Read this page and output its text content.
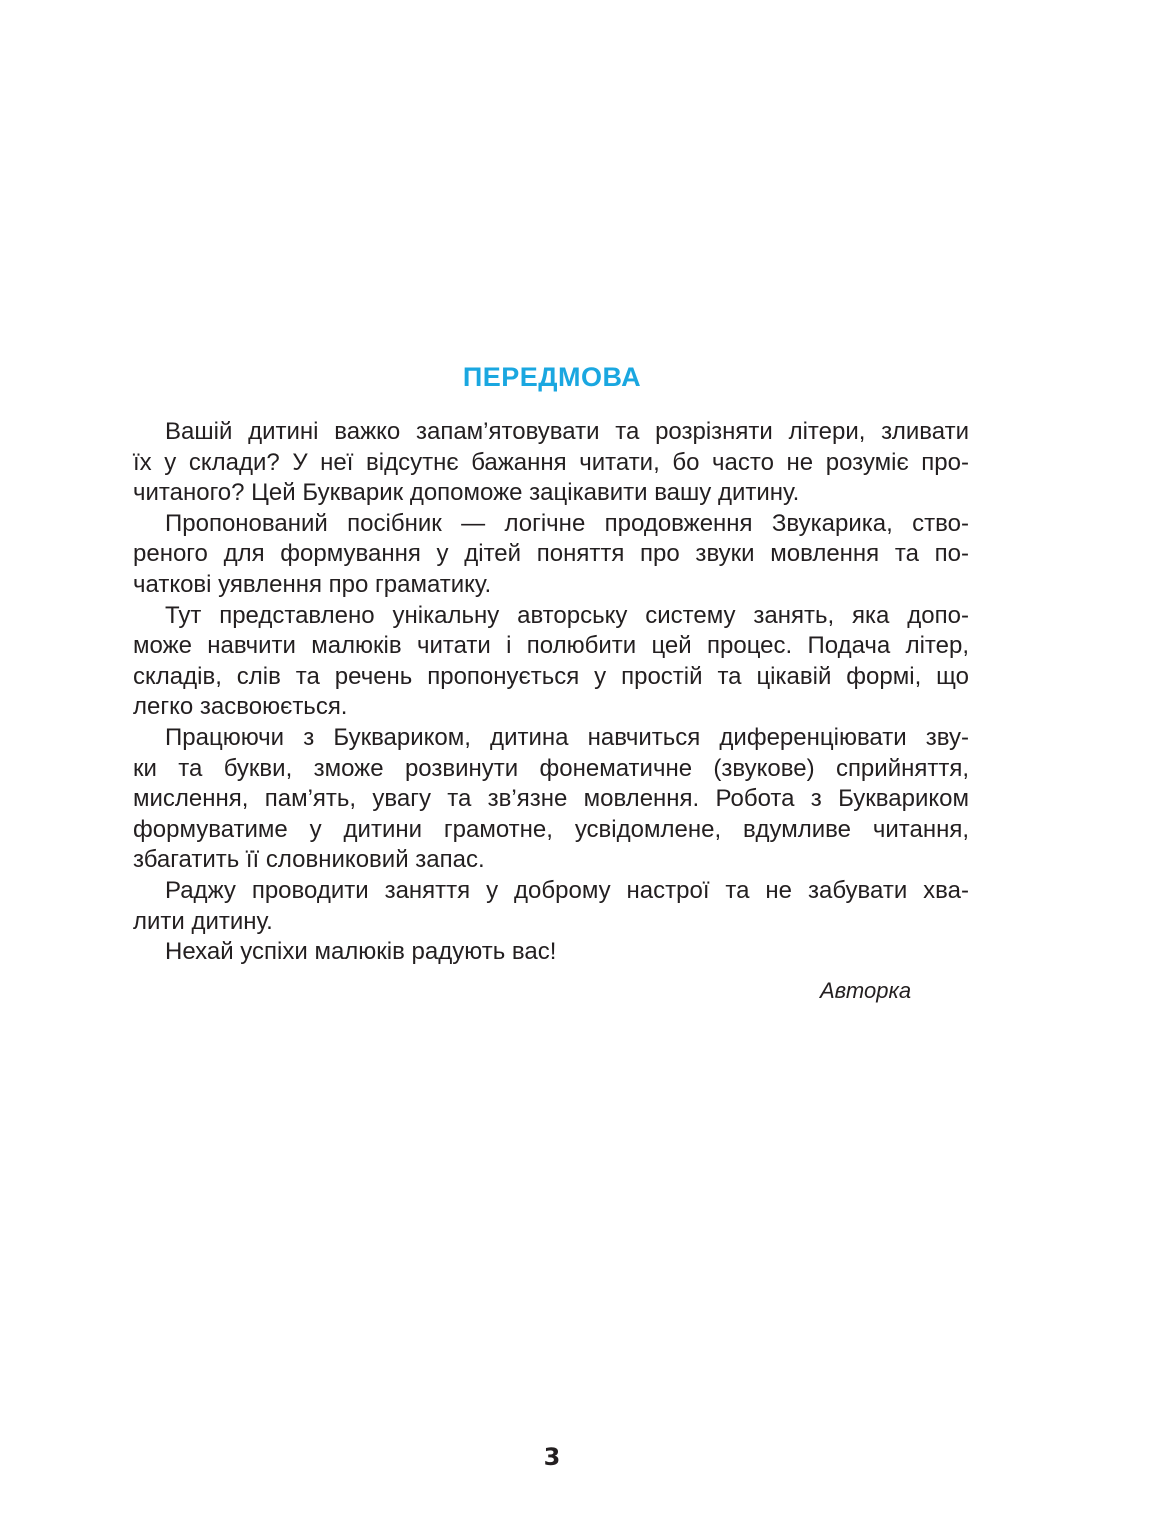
ПЕРЕДМОВА

Вашій дитині важко запам’ятовувати та розрізняти літери, зливати
їх у склади? У неї відсутнє бажання читати, бо часто не розуміє про-
читаного? Цей Букварик допоможе зацікавити вашу дитину.

Пропонований посібник — логічне продовження Звукарика, ство-
реного для формування у дітей поняття про звуки мовлення та по-
чаткові уявлення про граматику.

Тут представлено унікальну авторську систему занять, яка допо-
може навчити малюків читати і полюбити цей процес. Подача літер,
складів, слів та речень пропонується у простій та цікавій формі, що
легко засвоюється.

Працюючи з Буквариком, дитина навчиться диференціювати зву-
ки та букви, зможе розвинути фонематичне (звукове) сприйняття,
мислення, пам’ять, увагу та зв’язне мовлення. Робота з Буквариком
формуватиме у дитини грамотне, усвідомлене, вдумливе читання,
збагатить її словниковий запас.

Раджу проводити заняття у доброму настрої та не забувати хва-
лити дитину.

Нехай успіхи малюків радують вас!

Авторка
3
